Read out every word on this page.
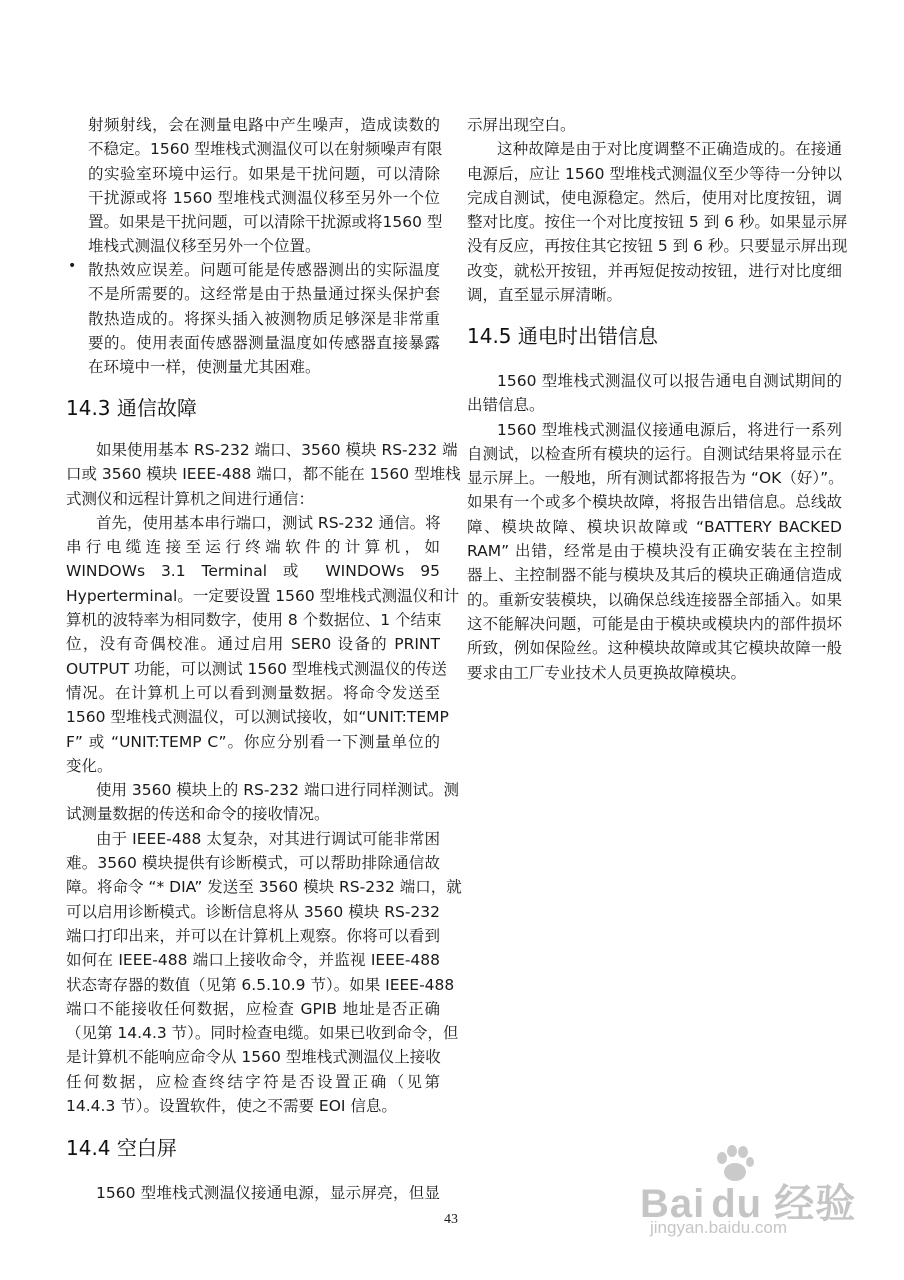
射频射线，会在测量电路中产生噪声，造成读数的
不稳定。1560 型堆栈式测温仪可以在射频噪声有限
的实验室环境中运行。如果是干扰问题，可以清除
干扰源或将 1560 型堆栈式测温仪移至另外一个位
置。如果是干扰问题，可以清除干扰源或将1560 型
堆栈式测温仪移至另外一个位置。
• 散热效应误差。问题可能是传感器测出的实际温度
不是所需要的。这经常是由于热量通过探头保护套
散热造成的。将探头插入被测物质足够深是非常重
要的。使用表面传感器测量温度如传感器直接暴露
在环境中一样，使测量尤其困难。
14.3 通信故障
如果使用基本 RS-232 端口、3560 模块 RS-232 端
口或 3560 模块 IEEE-488 端口，都不能在 1560 型堆栈
式测仪和远程计算机之间进行通信：
首先，使用基本串行端口，测试 RS-232 通信。将
串行电缆连接至运行终端软件的计算机，如
WINDOWs 3.1 Terminal 或 WINDOWs 95
Hyperterminal。一定要设置 1560 型堆栈式测温仪和计
算机的波特率为相同数字，使用 8 个数据位、1 个结束
位，没有奇偶校准。通过启用 SER0 设备的 PRINT
OUTPUT 功能，可以测试 1560 型堆栈式测温仪的传送
情况。在计算机上可以看到测量数据。将命令发送至
1560 型堆栈式测温仪，可以测试接收，如“UNIT:TEMP
F” 或 “UNIT:TEMP C”。你应分别看一下测量单位的
变化。
使用 3560 模块上的 RS-232 端口进行同样测试。测
试测量数据的传送和命令的接收情况。
由于 IEEE-488 太复杂，对其进行调试可能非常困
难。3560 模块提供有诊断模式，可以帮助排除通信故
障。将命令 “* DIA” 发送至 3560 模块 RS-232 端口，就
可以启用诊断模式。诊断信息将从 3560 模块 RS-232
端口打印出来，并可以在计算机上观察。你将可以看到
如何在 IEEE-488 端口上接收命令，并监视 IEEE-488
状态寄存器的数值（见第 6.5.10.9 节）。如果 IEEE-488
端口不能接收任何数据，应检查 GPIB 地址是否正确
（见第 14.4.3 节）。同时检查电缆。如果已收到命令，但
是计算机不能响应命令从 1560 型堆栈式测温仪上接收
任何数据，应检查终结字符是否设置正确（见第
14.4.3 节）。设置软件，使之不需要 EOI 信息。
14.4 空白屏
1560 型堆栈式测温仪接通电源，显示屏亮，但显
示屏出现空白。
这种故障是由于对比度调整不正确造成的。在接通
电源后，应让 1560 型堆栈式测温仪至少等待一分钟以
完成自测试，使电源稳定。然后，使用对比度按钮，调
整对比度。按住一个对比度按钮 5 到 6 秒。如果显示屏
没有反应，再按住其它按钮 5 到 6 秒。只要显示屏出现
改变，就松开按钮，并再短促按动按钮，进行对比度细
调，直至显示屏清晰。
14.5 通电时出错信息
1560 型堆栈式测温仪可以报告通电自测试期间的
出错信息。
1560 型堆栈式测温仪接通电源后，将进行一系列
自测试，以检查所有模块的运行。自测试结果将显示在
显示屏上。一般地，所有测试都将报告为 “OK（好）”。
如果有一个或多个模块故障，将报告出错信息。总线故
障、模块故障、模块识故障或 “BATTERY BACKED
RAM” 出错，经常是由于模块没有正确安装在主控制
器上、主控制器不能与模块及其后的模块正确通信造成
的。重新安装模块，以确保总线连接器全部插入。如果
这不能解决问题，可能是由于模块或模块内的部件损坏
所致，例如保险丝。这种模块故障或其它模块故障一般
要求由工厂专业技术人员更换故障模块。
43	Bai du 经验
jingyan.baidu.com
